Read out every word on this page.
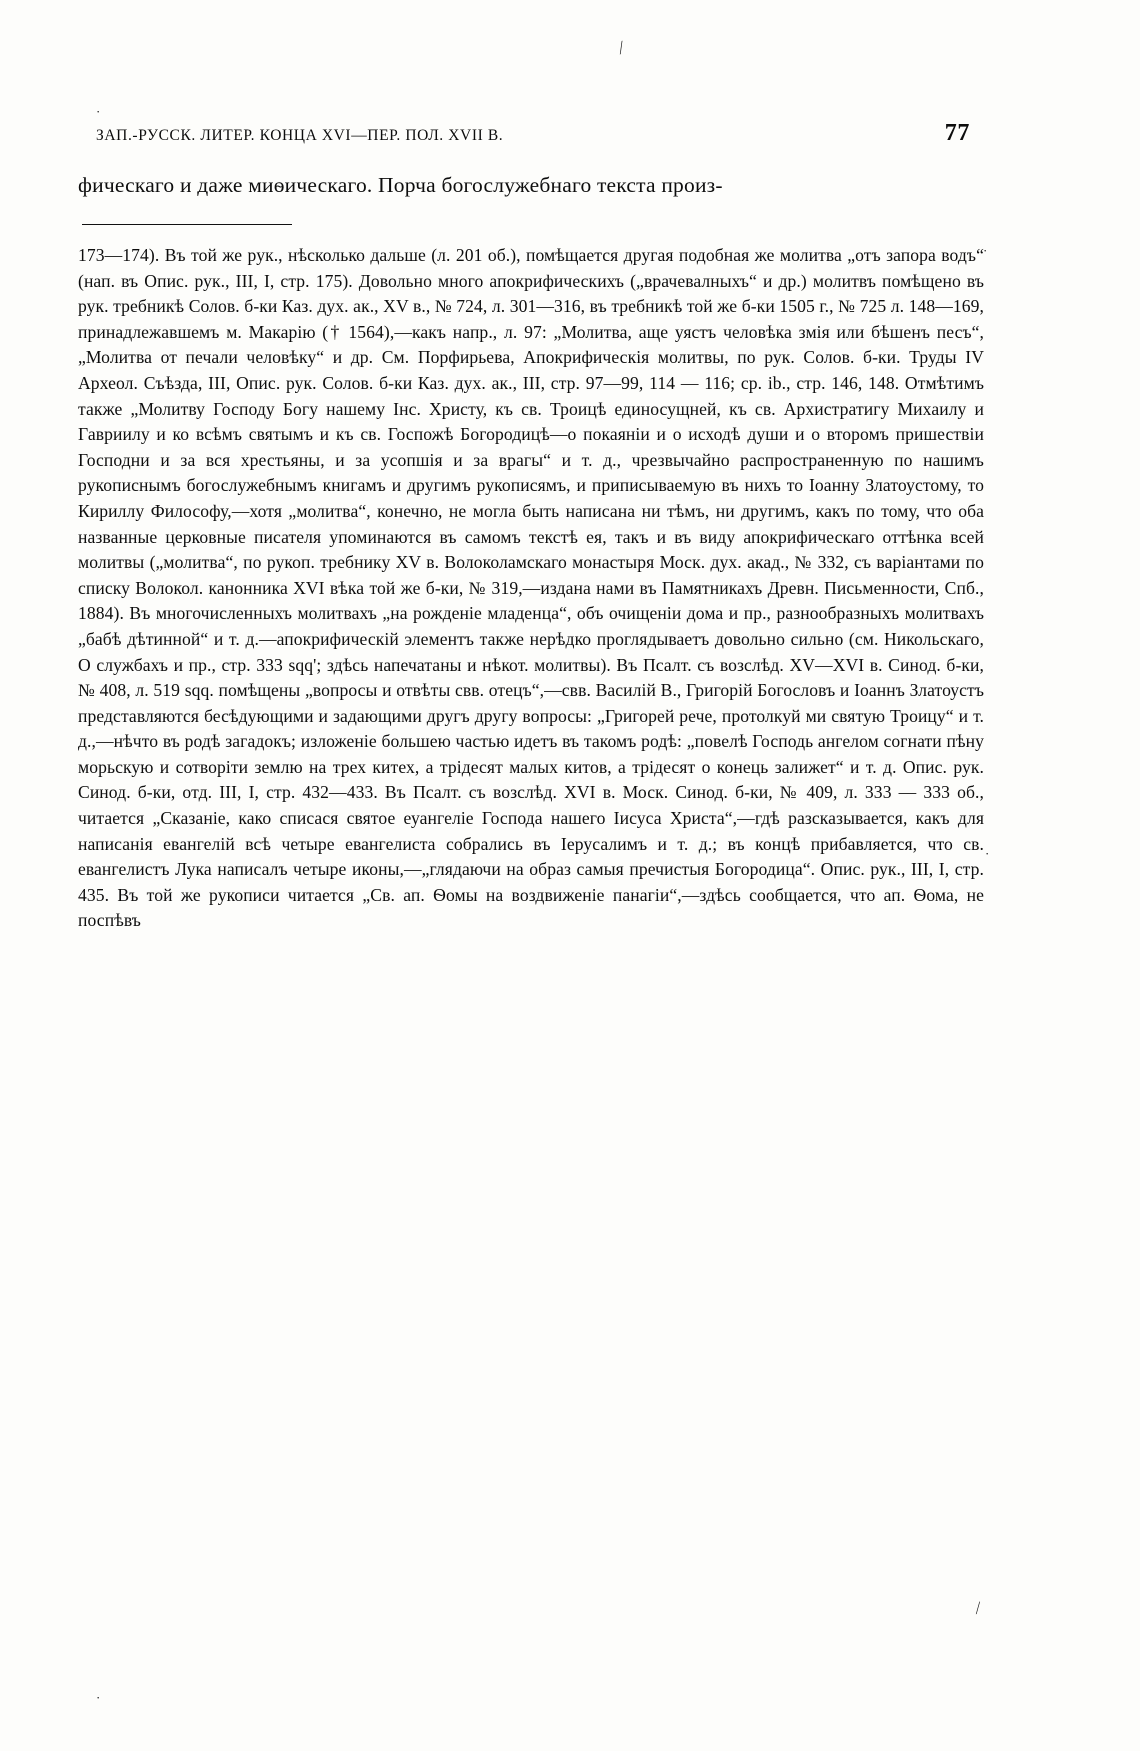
⁄
·
·
·
⁄
·
ЗАП.-РУССК. ЛИТЕР. КОНЦА XVI—ПЕР. ПОЛ. XVII В.	77

фическаго и даже миѳическаго. Порча богослужебнаго текста произ-

173—174). Въ той же рук., нѣсколько дальше (л. 201 об.), помѣщается другая подобная же молитва „отъ запора водъ“ (нап. въ Опис. рук., III, I, стр. 175). Довольно много апокрифическихъ („врачевалныхъ“ и др.) молитвъ помѣщено въ рук. требникѣ Солов. б-ки Каз. дух. ак., XV в., № 724, л. 301—316, въ требникѣ той же б-ки 1505 г., № 725 л. 148—169, принадлежавшемъ м. Макарію († 1564),—какъ напр., л. 97: „Молитва, аще уястъ человѣка змія или бѣшенъ песъ“, „Молитва от печали человѣку“ и др. См. Порфирьева, Апокрифическія молитвы, по рук. Солов. б-ки. Труды IV Археол. Съѣзда, III, Опис. рук. Солов. б-ки Каз. дух. ак., III, стр. 97—99, 114 — 116; ср. ib., стр. 146, 148. Отмѣтимъ также „Молитву Господу Богу нашему Інс. Христу, къ св. Троицѣ единосущней, къ св. Архистратигу Михаилу и Гавриилу и ко всѣмъ святымъ и къ св. Госпожѣ Богородицѣ—о покаяніи и о исходѣ души и о второмъ пришествіи Господни и за вся хрестьяны, и за усопшія и за врагы“ и т. д., чрезвычайно распространенную по нашимъ рукописнымъ богослужебнымъ книгамъ и другимъ рукописямъ, и приписываемую въ нихъ то Іоанну Златоустому, то Кириллу Философу,—хотя „молитва“, конечно, не могла быть написана ни тѣмъ, ни другимъ, какъ по тому, что оба названные церковные писателя упоминаются въ самомъ текстѣ ея, такъ и въ виду апокрифическаго оттѣнка всей молитвы („молитва“, по рукоп. требнику XV в. Волоколамскаго монастыря Моск. дух. акад., № 332, съ варіантами по списку Волокол. канонника XVI вѣка той же б-ки, № 319,—издана нами въ Памятникахъ Древн. Письменности, Спб., 1884). Въ многочисленныхъ молитвахъ „на рожденіе младенца“, объ очищеніи дома и пр., разнообразныхъ молитвахъ „бабѣ дѣтинной“ и т. д.—апокрифическій элементъ также нерѣдко проглядываетъ довольно сильно (см. Никольскаго, О службахъ и пр., стр. 333 sqq'; здѣсь напечатаны и нѣкот. молитвы). Въ Псалт. съ возслѣд. XV—XVI в. Синод. б-ки, № 408, л. 519 sqq. помѣщены „вопросы и отвѣты свв. отецъ“,—свв. Василій В., Григорій Богословъ и Іоаннъ Златоустъ представляются бесѣдующими и задающими другъ другу вопросы: „Григорей рече, протолкуй ми святую Троицу“ и т. д.,—нѣчто въ родѣ загадокъ; изложеніе большею частью идетъ въ такомъ родѣ: „повелѣ Господь ангелом согнати пѣну морьскую и сотворіти землю на трех китех, а трідесят малых китов, а трідесят о конець залижет“ и т. д. Опис. рук. Синод. б-ки, отд. III, I, стр. 432—433. Въ Псалт. съ возслѣд. XVI в. Моск. Синод. б-ки, № 409, л. 333 — 333 об., читается „Сказаніе, како списася святое еуангеліе Господа нашего Іисуса Христа“,—гдѣ разсказывается, какъ для написанія евангелій всѣ четыре евангелиста собрались въ Іерусалимъ и т. д.; въ концѣ прибавляется, что св. евангелистъ Лука написалъ четыре иконы,—„глядаючи на образ самыя пречистыя Богородица“. Опис. рук., III, I, стр. 435. Въ той же рукописи читается „Св. ап. Ѳомы на воздвиженіе панагіи“,—здѣсь сообщается, что ап. Ѳома, не поспѣвъ
